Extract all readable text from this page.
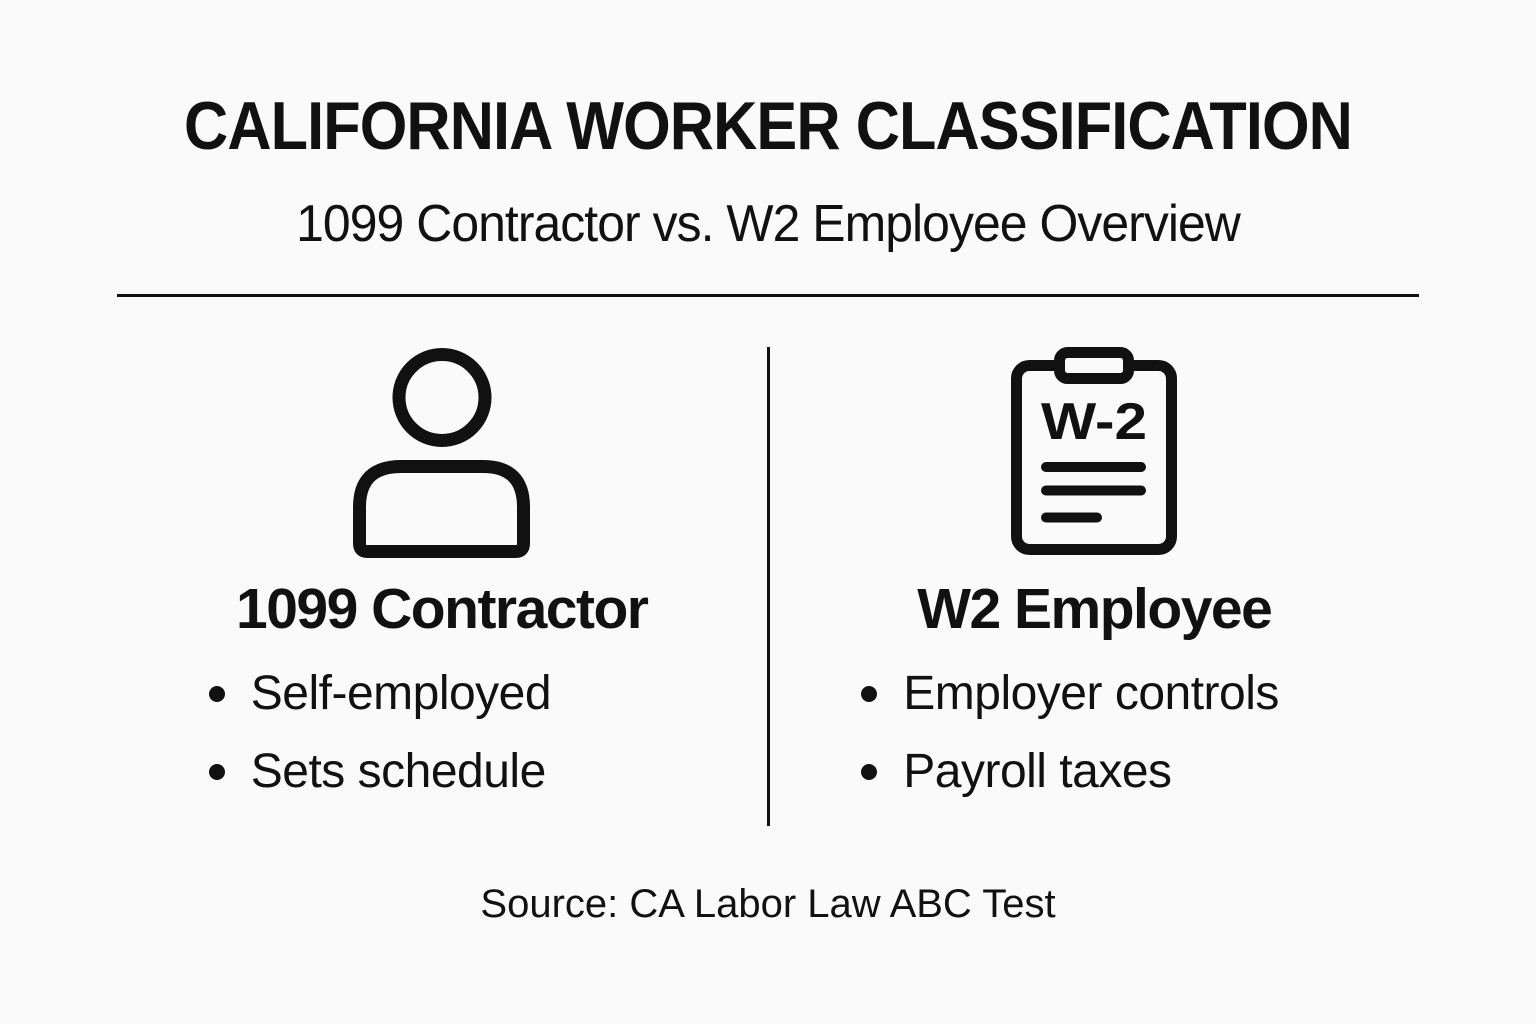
CALIFORNIA WORKER CLASSIFICATION
1099 Contractor vs. W2 Employee Overview
1099 Contractor
Self-employed
Sets schedule
W-2
W2 Employee
Employer controls
Payroll taxes
Source: CA Labor Law ABC Test
